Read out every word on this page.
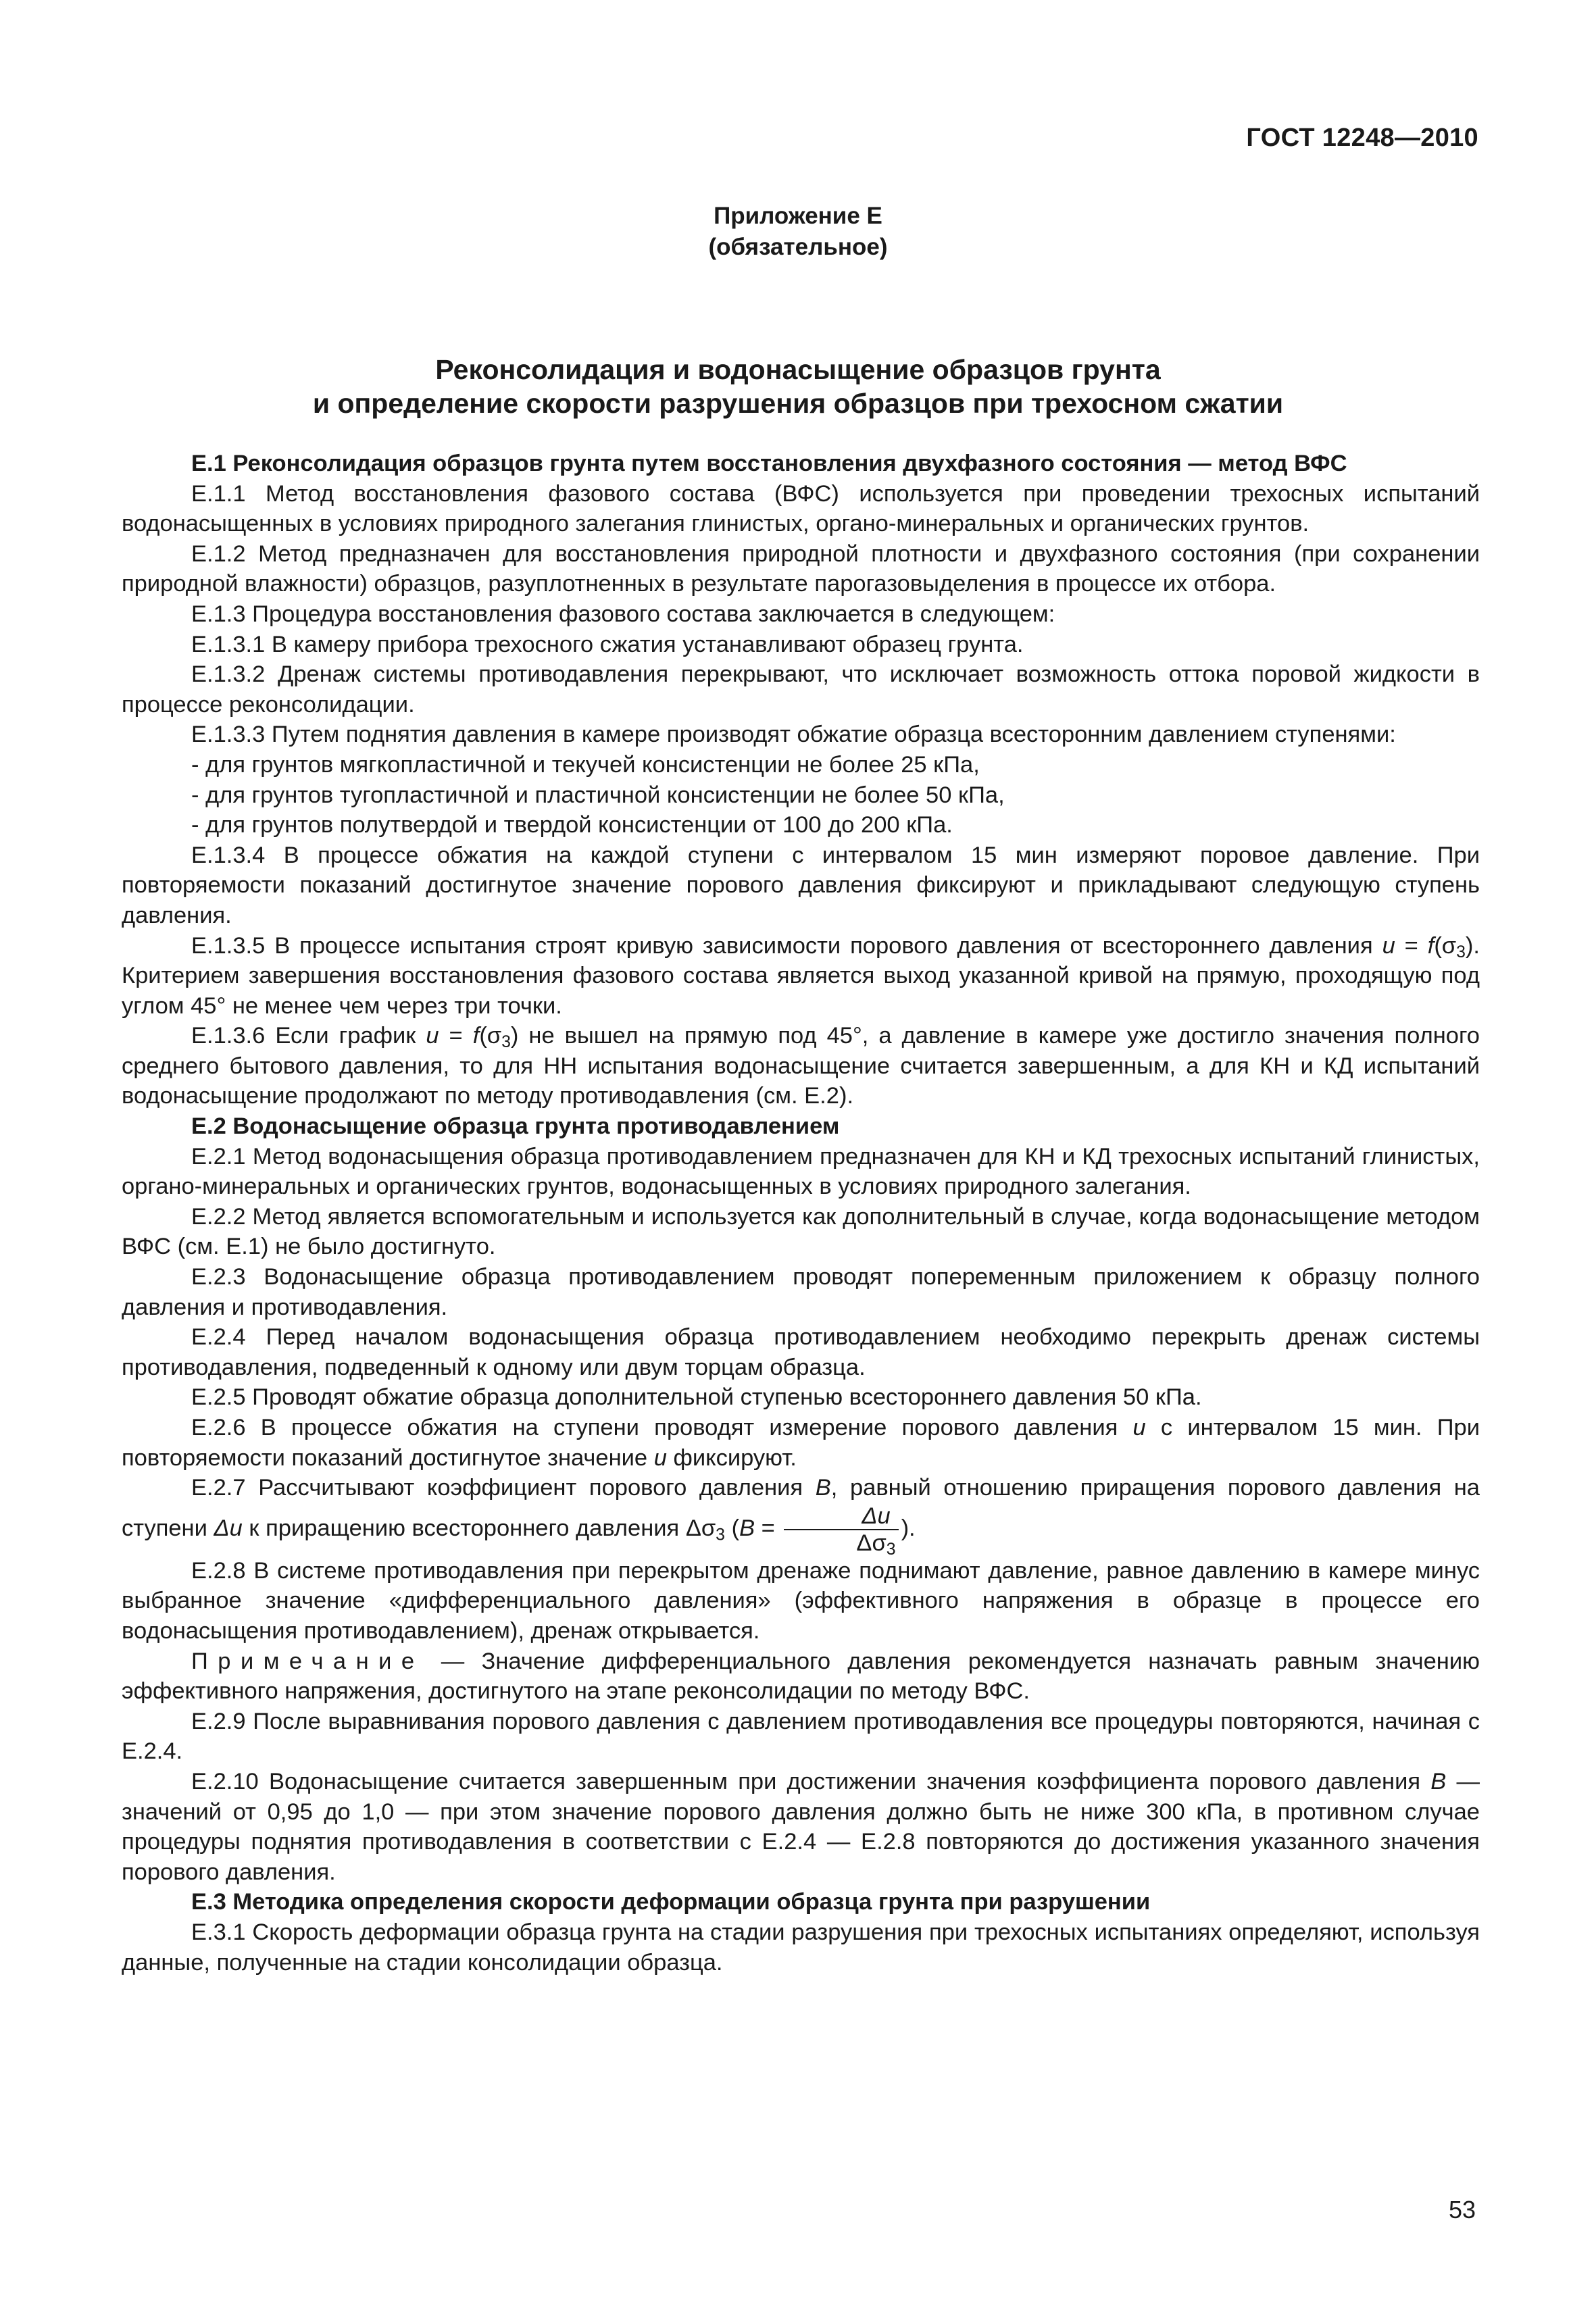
ГОСТ 12248—2010
Приложение Е
(обязательное)
Реконсолидация и водонасыщение образцов грунта
и определение скорости разрушения образцов при трехосном сжатии

Е.1 Реконсолидация образцов грунта путем восстановления двухфазного состояния — метод ВФС

Е.1.1 Метод восстановления фазового состава (ВФС) используется при проведении трехосных испытаний водонасыщенных в условиях природного залегания глинистых, органо-минеральных и органических грунтов.

Е.1.2 Метод предназначен для восстановления природной плотности и двухфазного состояния (при сохранении природной влажности) образцов, разуплотненных в результате парогазовыделения в процессе их отбора.

Е.1.3 Процедура восстановления фазового состава заключается в следующем:

Е.1.3.1 В камеру прибора трехосного сжатия устанавливают образец грунта.

Е.1.3.2 Дренаж системы противодавления перекрывают, что исключает возможность оттока поровой жидкости в процессе реконсолидации.

Е.1.3.3 Путем поднятия давления в камере производят обжатие образца всесторонним давлением ступенями:

- для грунтов мягкопластичной и текучей консистенции не более 25 кПа,

- для грунтов тугопластичной и пластичной консистенции не более 50 кПа,

- для грунтов полутвердой и твердой консистенции от 100 до 200 кПа.

Е.1.3.4 В процессе обжатия на каждой ступени с интервалом 15 мин измеряют поровое давление. При повторяемости показаний достигнутое значение порового давления фиксируют и прикладывают следующую ступень давления.

Е.1.3.5 В процессе испытания строят кривую зависимости порового давления от всестороннего давления $u = f(\sigma_3)$. Критерием завершения восстановления фазового состава является выход указанной кривой на прямую, проходящую под углом 45° не менее чем через три точки.

Е.1.3.6 Если график $u = f(\sigma_3)$ не вышел на прямую под 45°, а давление в камере уже достигло значения полного среднего бытового давления, то для НН испытания водонасыщение считается завершенным, а для КН и КД испытаний водонасыщение продолжают по методу противодавления (см. Е.2).

Е.2 Водонасыщение образца грунта противодавлением

Е.2.1 Метод водонасыщения образца противодавлением предназначен для КН и КД трехосных испытаний глинистых, органо-минеральных и органических грунтов, водонасыщенных в условиях природного залегания.

Е.2.2 Метод является вспомогательным и используется как дополнительный в случае, когда водонасыщение методом ВФС (см. Е.1) не было достигнуто.

Е.2.3 Водонасыщение образца противодавлением проводят попеременным приложением к образцу полного давления и противодавления.

Е.2.4 Перед началом водонасыщения образца противодавлением необходимо перекрыть дренаж системы противодавления, подведенный к одному или двум торцам образца.

Е.2.5 Проводят обжатие образца дополнительной ступенью всестороннего давления 50 кПа.

Е.2.6 В процессе обжатия на ступени проводят измерение порового давления u с интервалом 15 мин. При повторяемости показаний достигнутое значение u фиксируют.

Е.2.7 Рассчитывают коэффициент порового давления B, равный отношению приращения порового давления на ступени Δu к приращению всестороннего давления $\Delta\sigma_3$ ($B = \frac{\Delta u}{\Delta\sigma_3}$ ).

Е.2.8 В системе противодавления при перекрытом дренаже поднимают давление, равное давлению в камере минус выбранное значение «дифференциального давления» (эффективного напряжения в образце в процессе его водонасыщения противодавлением), дренаж открывается.

Примечание — Значение дифференциального давления рекомендуется назначать равным значению эффективного напряжения, достигнутого на этапе реконсолидации по методу ВФС.

Е.2.9 После выравнивания порового давления с давлением противодавления все процедуры повторяются, начиная с Е.2.4.

Е.2.10 Водонасыщение считается завершенным при достижении значения коэффициента порового давления B — значений от 0,95 до 1,0 — при этом значение порового давления должно быть не ниже 300 кПа, в противном случае процедуры поднятия противодавления в соответствии с Е.2.4 — Е.2.8 повторяются до достижения указанного значения порового давления.

Е.3 Методика определения скорости деформации образца грунта при разрушении

Е.3.1 Скорость деформации образца грунта на стадии разрушения при трехосных испытаниях определяют, используя данные, полученные на стадии консолидации образца.

53
